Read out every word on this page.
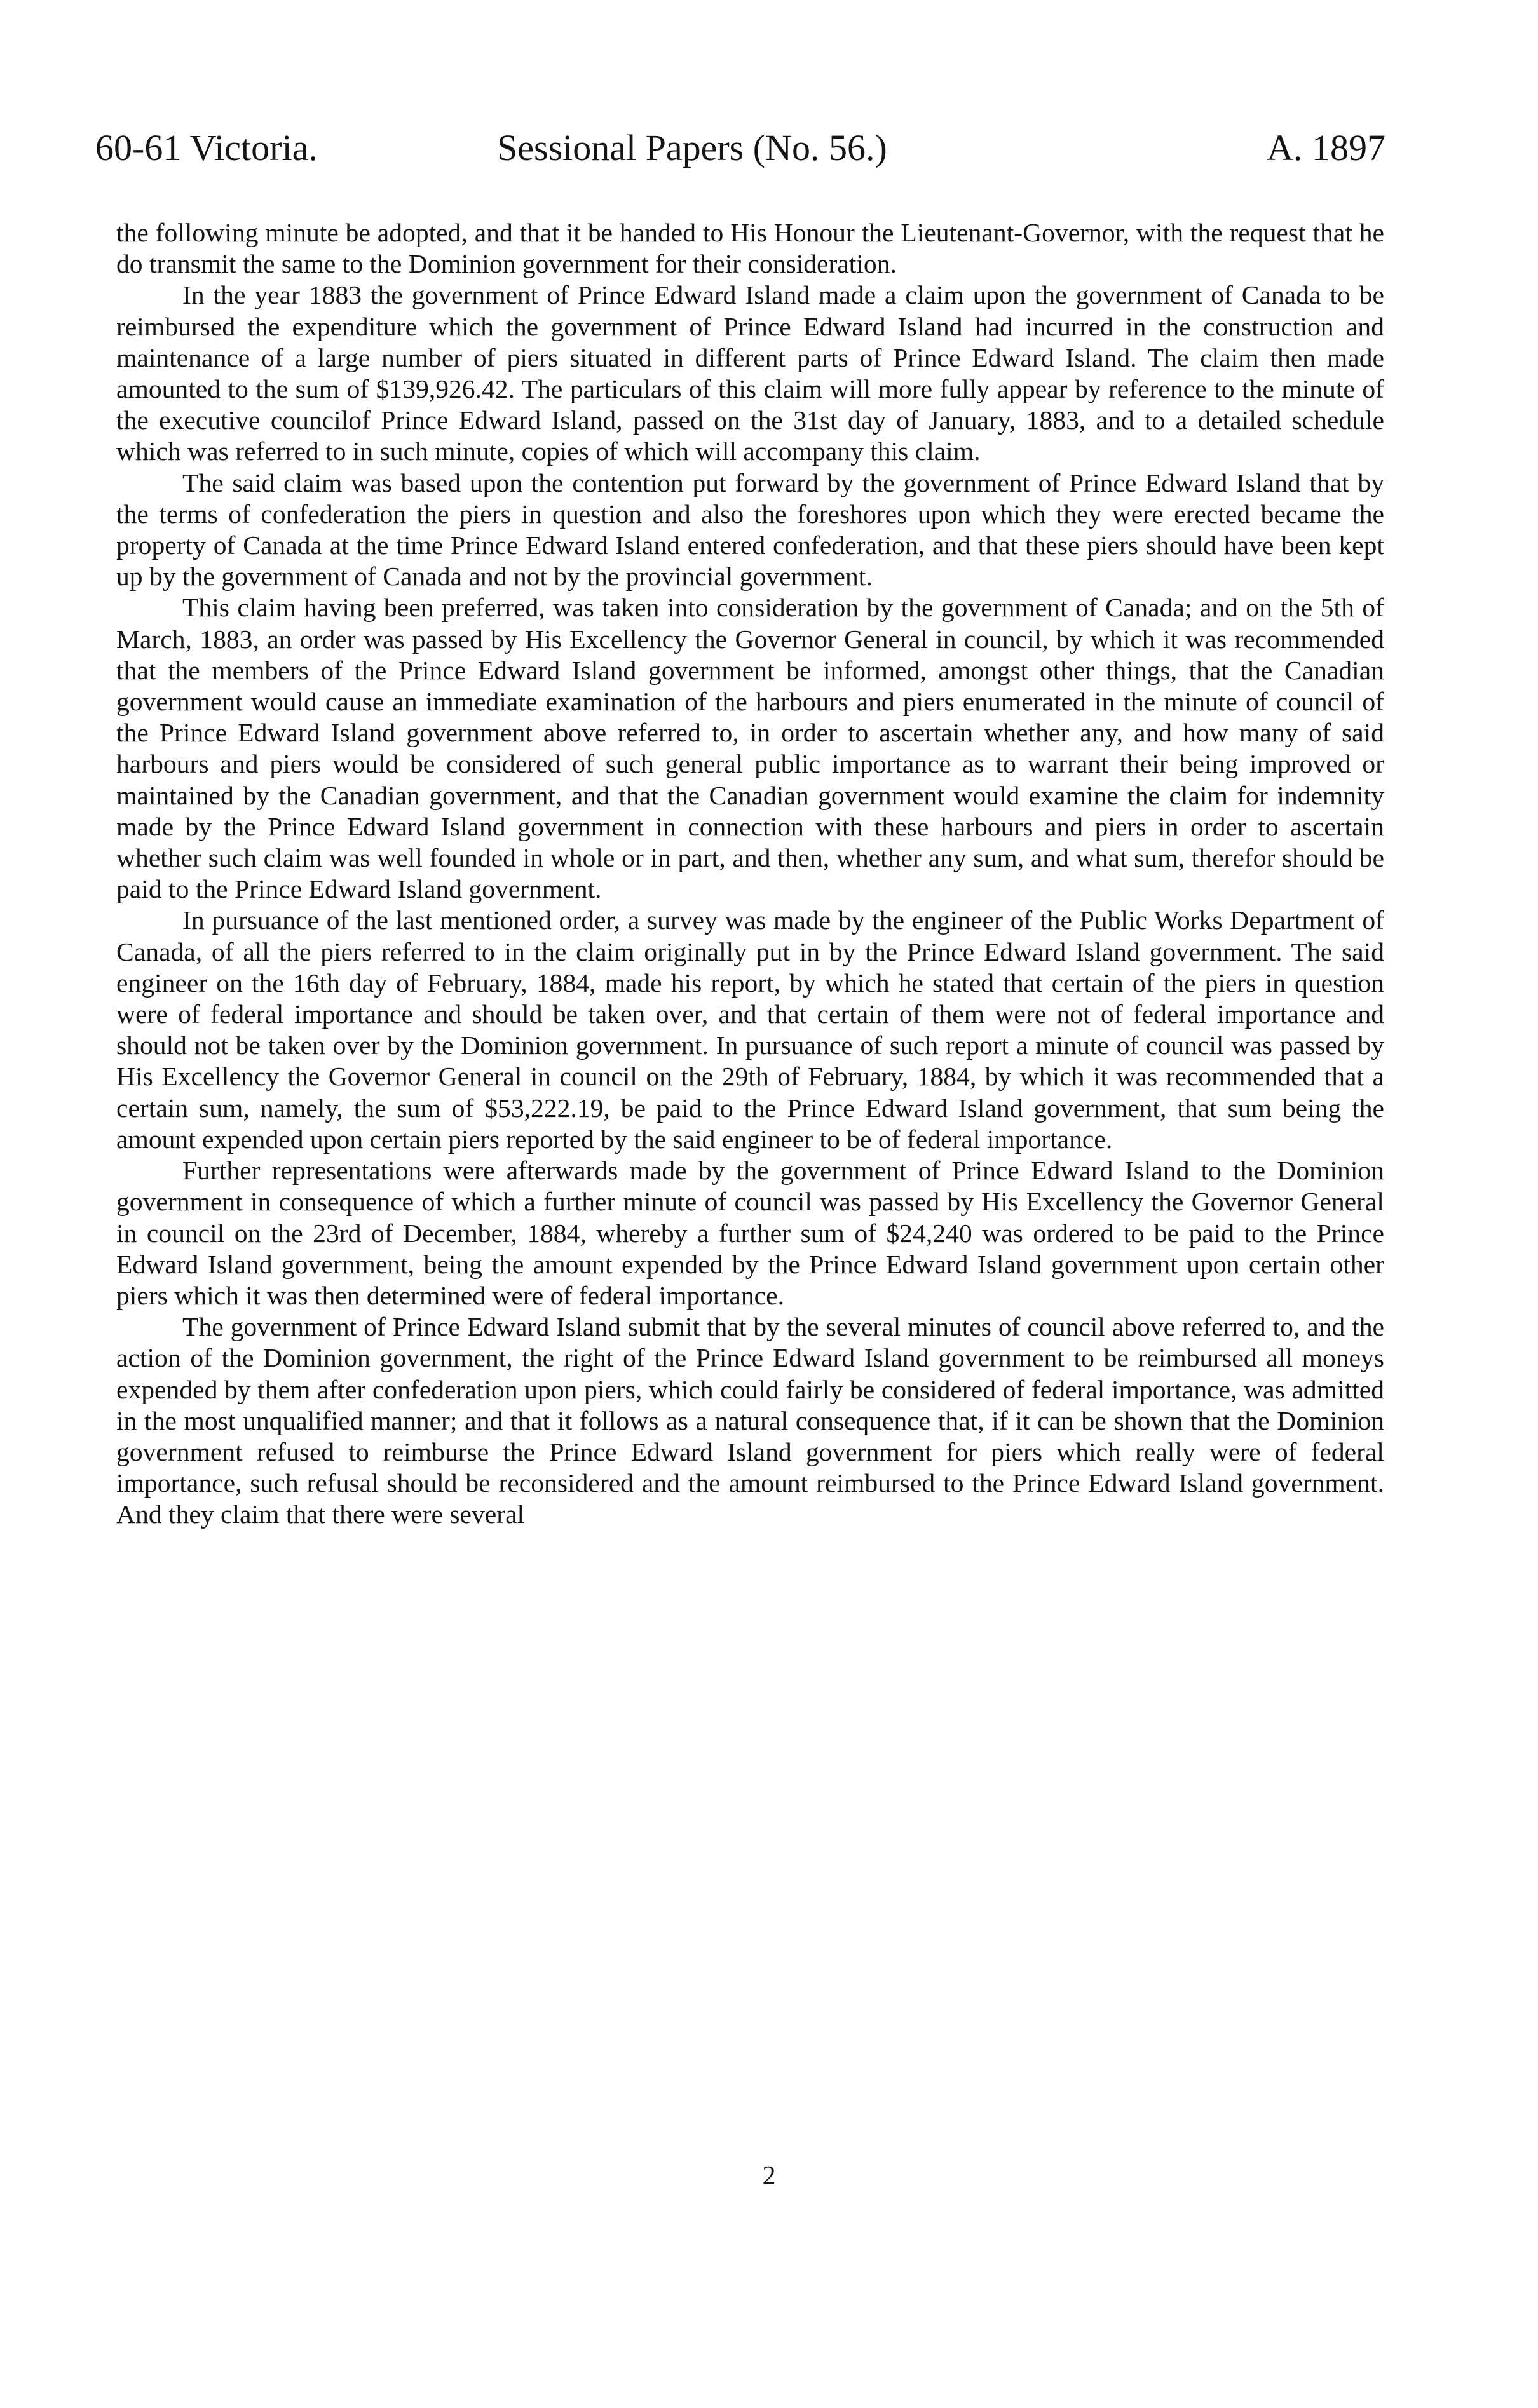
60-61 Victoria.	Sessional Papers (No. 56.)	A. 1897

the following minute be adopted, and that it be handed to His Honour the Lieutenant-Governor, with the request that he do transmit the same to the Dominion government for their consideration.

In the year 1883 the government of Prince Edward Island made a claim upon the government of Canada to be reimbursed the expenditure which the government of Prince Edward Island had incurred in the construction and maintenance of a large number of piers situated in different parts of Prince Edward Island. The claim then made amounted to the sum of $139,926.42. The particulars of this claim will more fully appear by reference to the minute of the executive councilof Prince Edward Island, passed on the 31st day of January, 1883, and to a detailed schedule which was referred to in such minute, copies of which will accompany this claim.

The said claim was based upon the contention put forward by the government of Prince Edward Island that by the terms of confederation the piers in question and also the foreshores upon which they were erected became the property of Canada at the time Prince Edward Island entered confederation, and that these piers should have been kept up by the government of Canada and not by the provincial government.

This claim having been preferred, was taken into consideration by the government of Canada; and on the 5th of March, 1883, an order was passed by His Excellency the Governor General in council, by which it was recommended that the members of the Prince Edward Island government be informed, amongst other things, that the Canadian government would cause an immediate examination of the harbours and piers enumerated in the minute of council of the Prince Edward Island government above referred to, in order to ascertain whether any, and how many of said harbours and piers would be considered of such general public importance as to warrant their being improved or maintained by the Canadian government, and that the Canadian government would examine the claim for indemnity made by the Prince Edward Island government in connection with these harbours and piers in order to ascertain whether such claim was well founded in whole or in part, and then, whether any sum, and what sum, therefor should be paid to the Prince Edward Island government.

In pursuance of the last mentioned order, a survey was made by the engineer of the Public Works Department of Canada, of all the piers referred to in the claim originally put in by the Prince Edward Island government. The said engineer on the 16th day of February, 1884, made his report, by which he stated that certain of the piers in question were of federal importance and should be taken over, and that certain of them were not of federal importance and should not be taken over by the Dominion government. In pursuance of such report a minute of council was passed by His Excellency the Governor General in council on the 29th of February, 1884, by which it was recommended that a certain sum, namely, the sum of $53,222.19, be paid to the Prince Edward Island government, that sum being the amount expended upon certain piers reported by the said engineer to be of federal importance.

Further representations were afterwards made by the government of Prince Edward Island to the Dominion government in consequence of which a further minute of council was passed by His Excellency the Governor General in council on the 23rd of December, 1884, whereby a further sum of $24,240 was ordered to be paid to the Prince Edward Island government, being the amount expended by the Prince Edward Island government upon certain other piers which it was then determined were of federal importance.

The government of Prince Edward Island submit that by the several minutes of council above referred to, and the action of the Dominion government, the right of the Prince Edward Island government to be reimbursed all moneys expended by them after confederation upon piers, which could fairly be considered of federal importance, was admitted in the most unqualified manner; and that it follows as a natural consequence that, if it can be shown that the Dominion government refused to reimburse the Prince Edward Island government for piers which really were of federal importance, such refusal should be reconsidered and the amount reimbursed to the Prince Edward Island government. And they claim that there were several

2
